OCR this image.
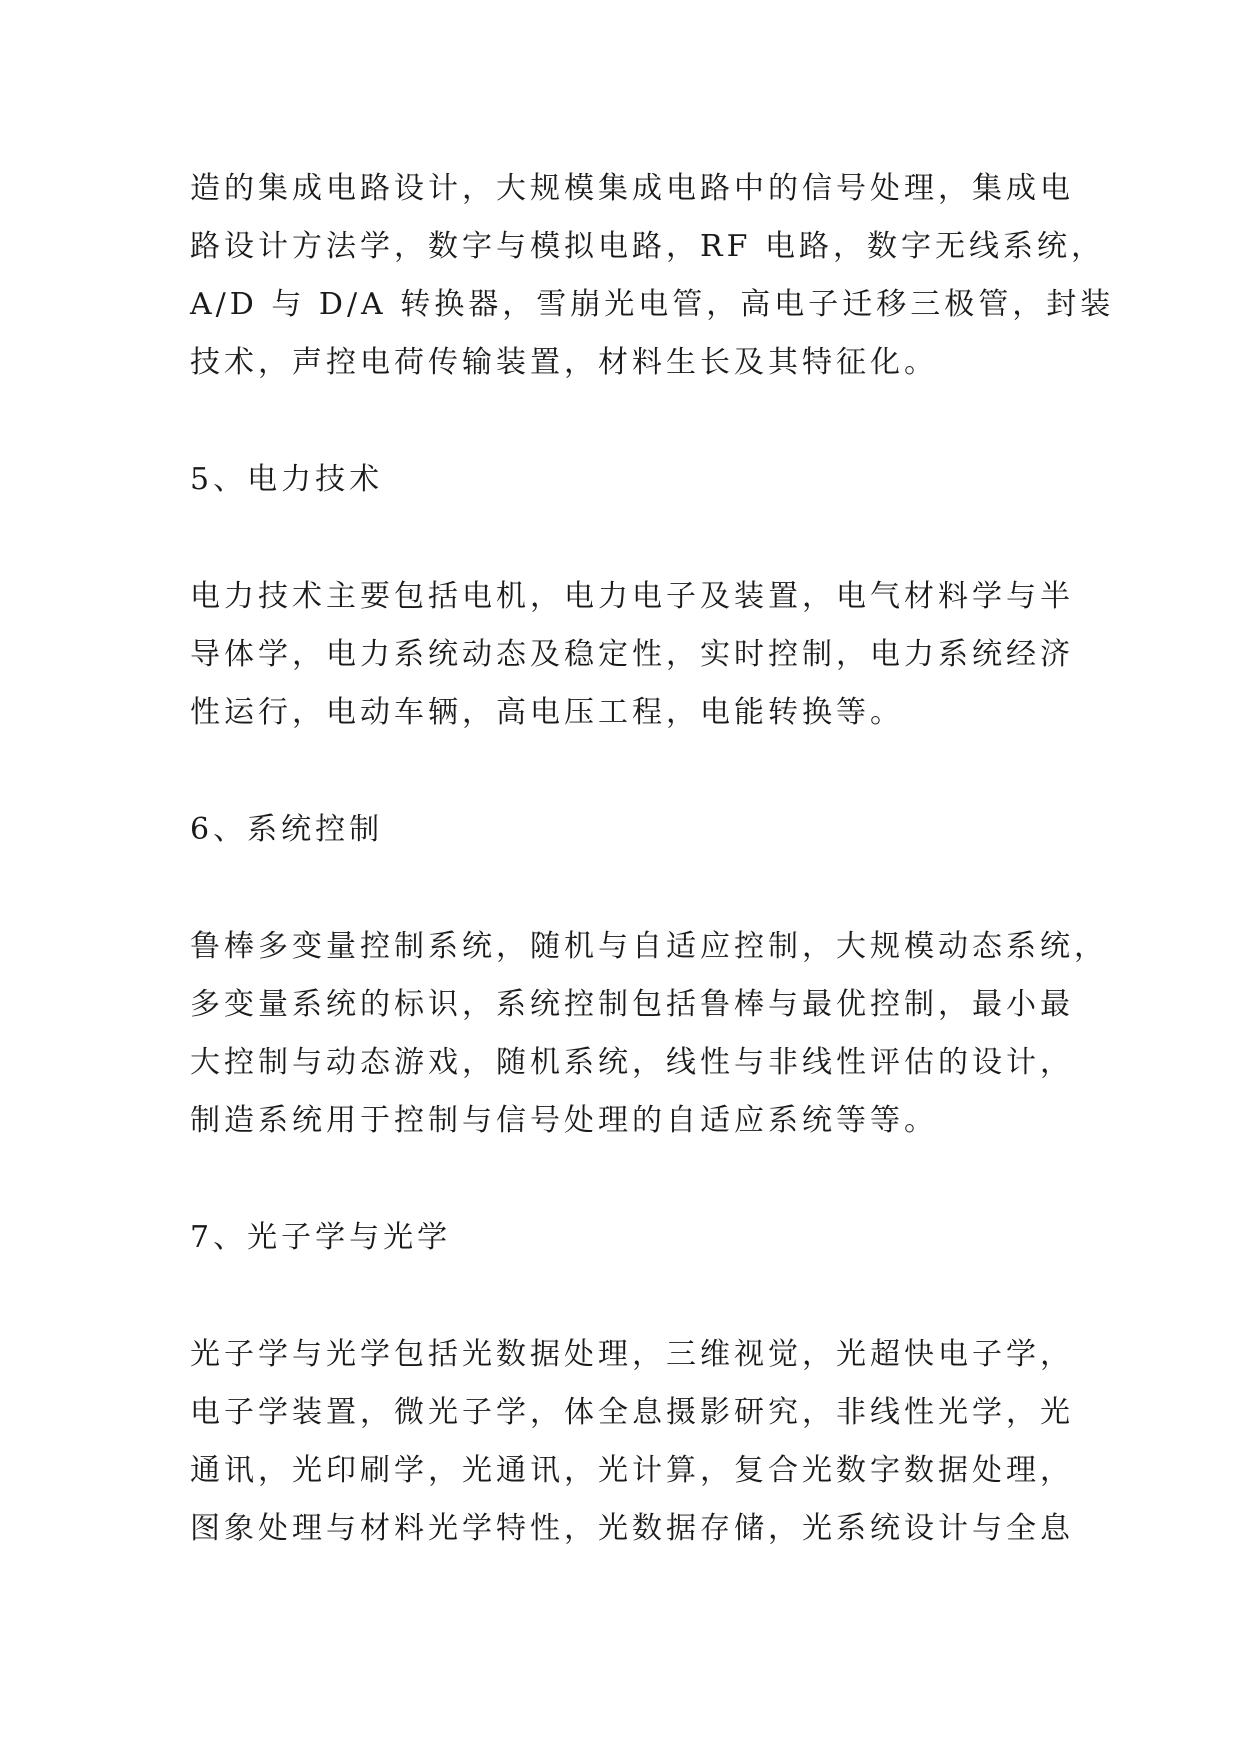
造的集成电路设计，大规模集成电路中的信号处理，集成电
路设计方法学，数字与模拟电路，RF 电路，数字无线系统，
A/D 与 D/A 转换器，雪崩光电管，高电子迁移三极管，封装
技术，声控电荷传输装置，材料生长及其特征化。
5、电力技术
电力技术主要包括电机，电力电子及装置，电气材料学与半
导体学，电力系统动态及稳定性，实时控制，电力系统经济
性运行，电动车辆，高电压工程，电能转换等。
6、系统控制
鲁棒多变量控制系统，随机与自适应控制，大规模动态系统，
多变量系统的标识，系统控制包括鲁棒与最优控制，最小最
大控制与动态游戏，随机系统，线性与非线性评估的设计，
制造系统用于控制与信号处理的自适应系统等等。
7、光子学与光学
光子学与光学包括光数据处理，三维视觉，光超快电子学，
电子学装置，微光子学，体全息摄影研究，非线性光学，光
通讯，光印刷学，光通讯，光计算，复合光数字数据处理，
图象处理与材料光学特性，光数据存储，光系统设计与全息
